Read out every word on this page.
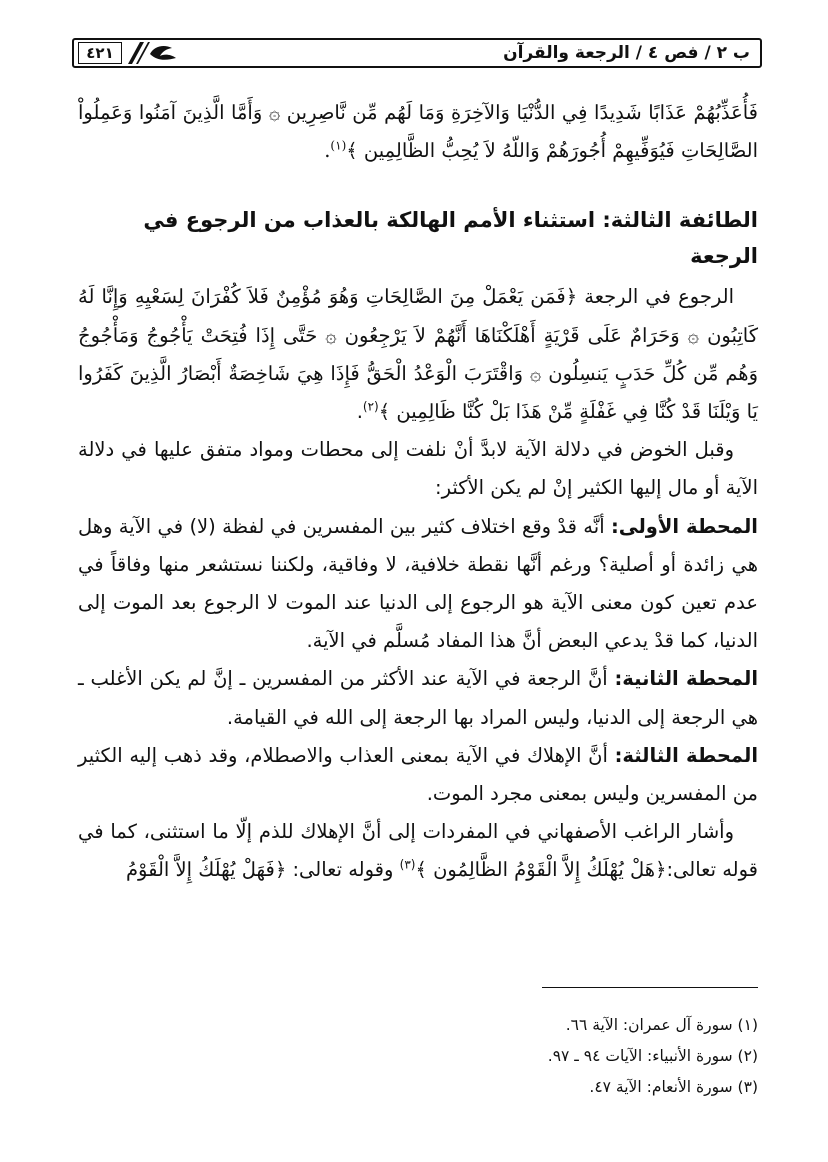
ب ٢ / فص ٤ / الرجعة والقرآن
٤٢١

فَأُعَذِّبُهُمْ عَذَابًا شَدِيدًا فِي الدُّنْيَا وَالآخِرَةِ وَمَا لَهُم مِّن نَّاصِرِين ۞ وَأَمَّا الَّذِينَ آمَنُوا وَعَمِلُواْ الصَّالِحَاتِ فَيُوَفِّيهِمْ أُجُورَهُمْ وَاللّهُ لاَ يُحِبُّ الظَّالِمِين ﴾$^{(١)}$.

الطائفة الثالثة: استثناء الأمم الهالكة بالعذاب من الرجوع في الرجعة

الرجوع في الرجعة ﴿فَمَن يَعْمَلْ مِنَ الصَّالِحَاتِ وَهُوَ مُؤْمِنٌ فَلاَ كُفْرَانَ لِسَعْيِهِ وَإِنَّا لَهُ كَاتِبُون ۞ وَحَرَامٌ عَلَى قَرْيَةٍ أَهْلَكْنَاهَا أَنَّهُمْ لاَ يَرْجِعُون ۞ حَتَّى إِذَا فُتِحَتْ يَأْجُوجُ وَمَأْجُوجُ وَهُم مِّن كُلِّ حَدَبٍ يَنسِلُون ۞ وَاقْتَرَبَ الْوَعْدُ الْحَقُّ فَإِذَا هِيَ شَاخِصَةٌ أَبْصَارُ الَّذِينَ كَفَرُوا يَا وَيْلَنَا قَدْ كُنَّا فِي غَفْلَةٍ مِّنْ هَذَا بَلْ كُنَّا ظَالِمِين ﴾$^{(٢)}$.

وقبل الخوض في دلالة الآية لابدَّ أنْ نلفت إلى محطات ومواد متفق عليها في دلالة الآية أو مال إليها الكثير إنْ لم يكن الأكثر:

المحطة الأولى: أنَّه قدْ وقع اختلاف كثير بين المفسرين في لفظة (لا) في الآية وهل هي زائدة أو أصلية؟ ورغم أنَّها نقطة خلافية، لا وفاقية، ولكننا نستشعر منها وفاقاً في عدم تعين كون معنى الآية هو الرجوع إلى الدنيا عند الموت لا الرجوع بعد الموت إلى الدنيا، كما قدْ يدعي البعض أنَّ هذا المفاد مُسلَّم في الآية.

المحطة الثانية: أنَّ الرجعة في الآية عند الأكثر من المفسرين ـ إنَّ لم يكن الأغلب ـ هي الرجعة إلى الدنيا، وليس المراد بها الرجعة إلى الله في القيامة.

المحطة الثالثة: أنَّ الإهلاك في الآية بمعنى العذاب والاصطلام، وقد ذهب إليه الكثير من المفسرين وليس بمعنى مجرد الموت.

وأشار الراغب الأصفهاني في المفردات إلى أنَّ الإهلاك للذم إلّا ما استثنى، كما في قوله تعالى:﴿هَلْ يُهْلَكُ إِلاَّ الْقَوْمُ الظَّالِمُون ﴾$^{(٣)}$ وقوله تعالى: ﴿فَهَلْ يُهْلَكُ إِلاَّ الْقَوْمُ

(١) سورة آل عمران: الآية ٦٦.

(٢) سورة الأنبياء: الآيات ٩٤ ـ ٩٧.

(٣) سورة الأنعام: الآية ٤٧.
